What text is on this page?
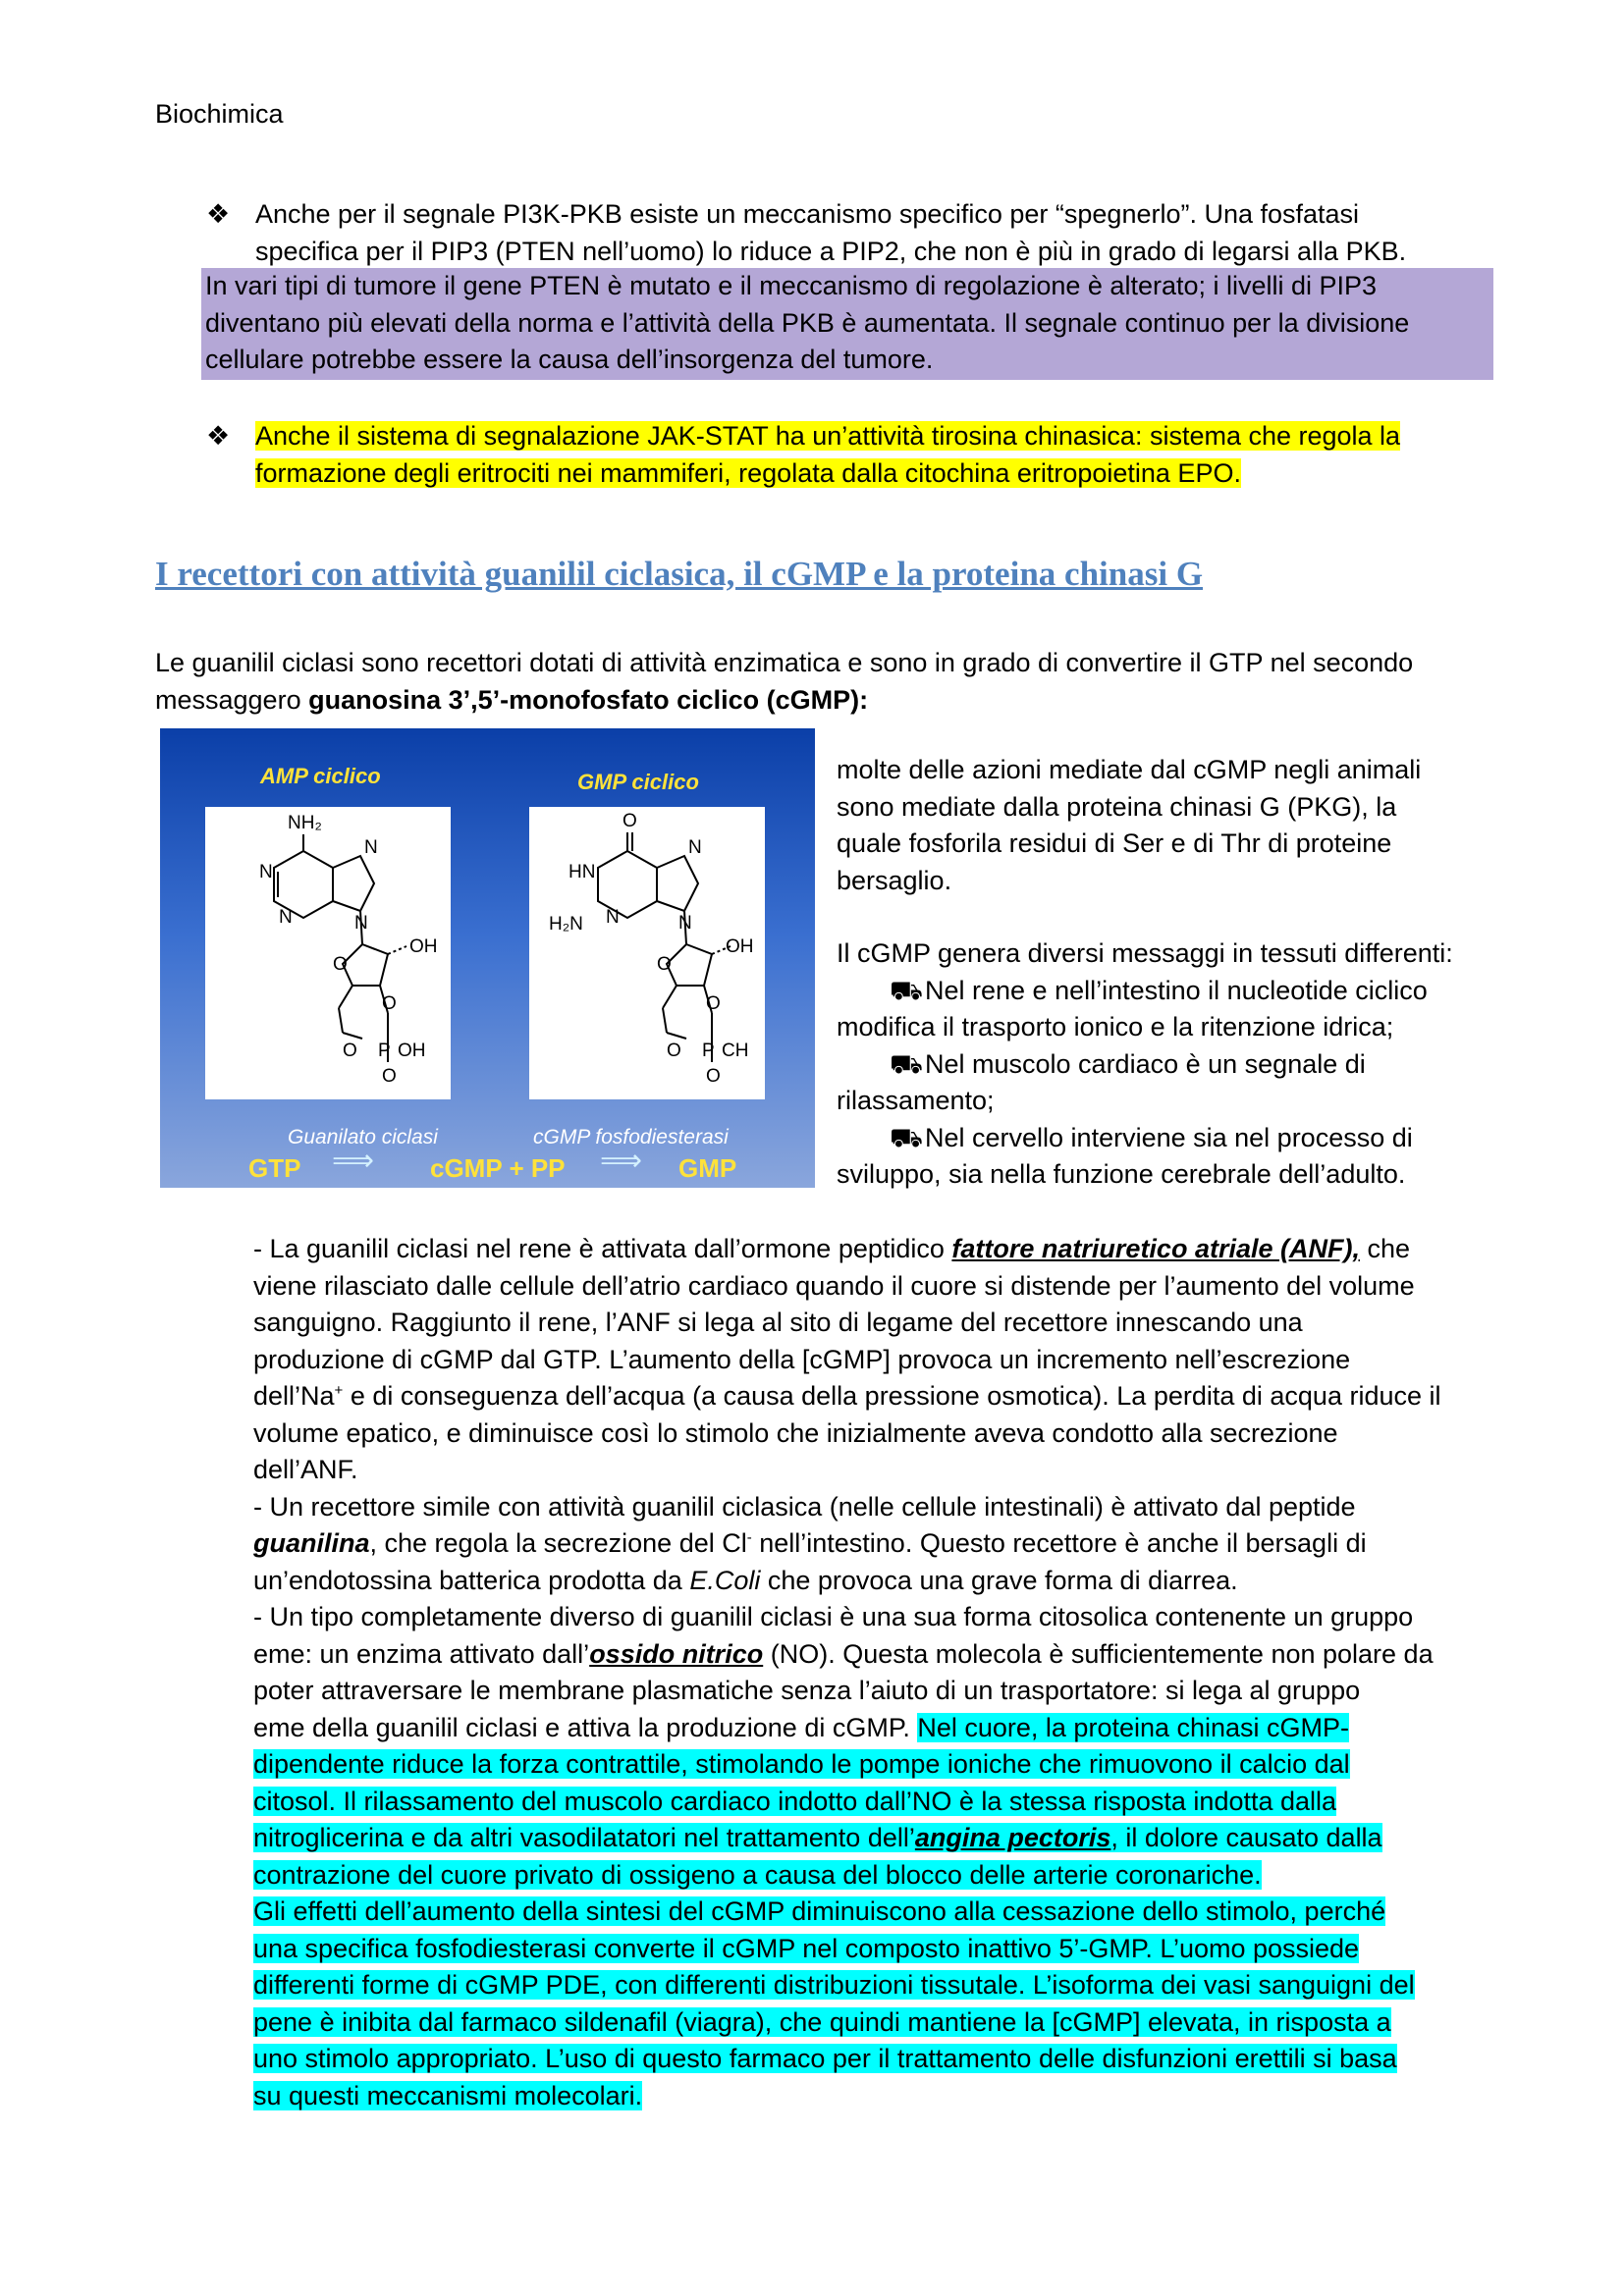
Biochimica
❖ Anche per il segnale PI3K-PKB esiste un meccanismo specifico per “spegnerlo”. Una fosfatasi
specifica per il PIP3 (PTEN nell’uomo) lo riduce a PIP2, che non è più in grado di legarsi alla PKB.
In vari tipi di tumore il gene PTEN è mutato e il meccanismo di regolazione è alterato; i livelli di PIP3
diventano più elevati della norma e l’attività della PKB è aumentata. Il segnale continuo per la divisione
cellulare potrebbe essere la causa dell’insorgenza del tumore.
❖ Anche il sistema di segnalazione JAK-STAT ha un’attività tirosina chinasica: sistema che regola la
formazione degli eritrociti nei mammiferi, regolata dalla citochina eritropoietina EPO.
I recettori con attività guanilil ciclasica, il cGMP e la proteina chinasi G
Le guanilil ciclasi sono recettori dotati di attività enzimatica e sono in grado di convertire il GTP nel secondo
messaggero guanosina 3’,5’-monofosfato ciclico (cGMP):
AMP ciclico	GMP ciclico
NH₂
N
N
N
N
O
OH
O
O P OH
O
O
HN
H₂N N
N
N
O
OH
O
O P CH
O
Guanilato ciclasi	cGMP fosfodiesterasi
GTP ⟹ cGMP + PP ⟹ GMP
molte delle azioni mediate dal cGMP negli animali
sono mediate dalla proteina chinasi G (PKG), la
quale fosforila residui di Ser e di Thr di proteine
bersaglio.
Il cGMP genera diversi messaggi in tessuti differenti:
⛟Nel rene e nell’intestino il nucleotide ciclico
modifica il trasporto ionico e la ritenzione idrica;
⛟Nel muscolo cardiaco è un segnale di
rilassamento;
⛟Nel cervello interviene sia nel processo di
sviluppo, sia nella funzione cerebrale dell’adulto.
- La guanilil ciclasi nel rene è attivata dall’ormone peptidico fattore natriuretico atriale (ANF), che
viene rilasciato dalle cellule dell’atrio cardiaco quando il cuore si distende per l’aumento del volume
sanguigno. Raggiunto il rene, l’ANF si lega al sito di legame del recettore innescando una
produzione di cGMP dal GTP. L’aumento della [cGMP] provoca un incremento nell’escrezione
dell’Na+ e di conseguenza dell’acqua (a causa della pressione osmotica). La perdita di acqua riduce il
volume epatico, e diminuisce così lo stimolo che inizialmente aveva condotto alla secrezione
dell’ANF.
- Un recettore simile con attività guanilil ciclasica (nelle cellule intestinali) è attivato dal peptide
guanilina, che regola la secrezione del Cl- nell’intestino. Questo recettore è anche il bersagli di
un’endotossina batterica prodotta da E.Coli che provoca una grave forma di diarrea.
- Un tipo completamente diverso di guanilil ciclasi è una sua forma citosolica contenente un gruppo
eme: un enzima attivato dall’ossido nitrico (NO). Questa molecola è sufficientemente non polare da
poter attraversare le membrane plasmatiche senza l’aiuto di un trasportatore: si lega al gruppo
eme della guanilil ciclasi e attiva la produzione di cGMP. Nel cuore, la proteina chinasi cGMP-
dipendente riduce la forza contrattile, stimolando le pompe ioniche che rimuovono il calcio dal
citosol. Il rilassamento del muscolo cardiaco indotto dall’NO è la stessa risposta indotta dalla
nitroglicerina e da altri vasodilatatori nel trattamento dell’angina pectoris, il dolore causato dalla
contrazione del cuore privato di ossigeno a causa del blocco delle arterie coronariche.
Gli effetti dell’aumento della sintesi del cGMP diminuiscono alla cessazione dello stimolo, perché
una specifica fosfodiesterasi converte il cGMP nel composto inattivo 5’-GMP. L’uomo possiede
differenti forme di cGMP PDE, con differenti distribuzioni tissutale. L’isoforma dei vasi sanguigni del
pene è inibita dal farmaco sildenafil (viagra), che quindi mantiene la [cGMP] elevata, in risposta a
uno stimolo appropriato. L’uso di questo farmaco per il trattamento delle disfunzioni erettili si basa
su questi meccanismi molecolari.
